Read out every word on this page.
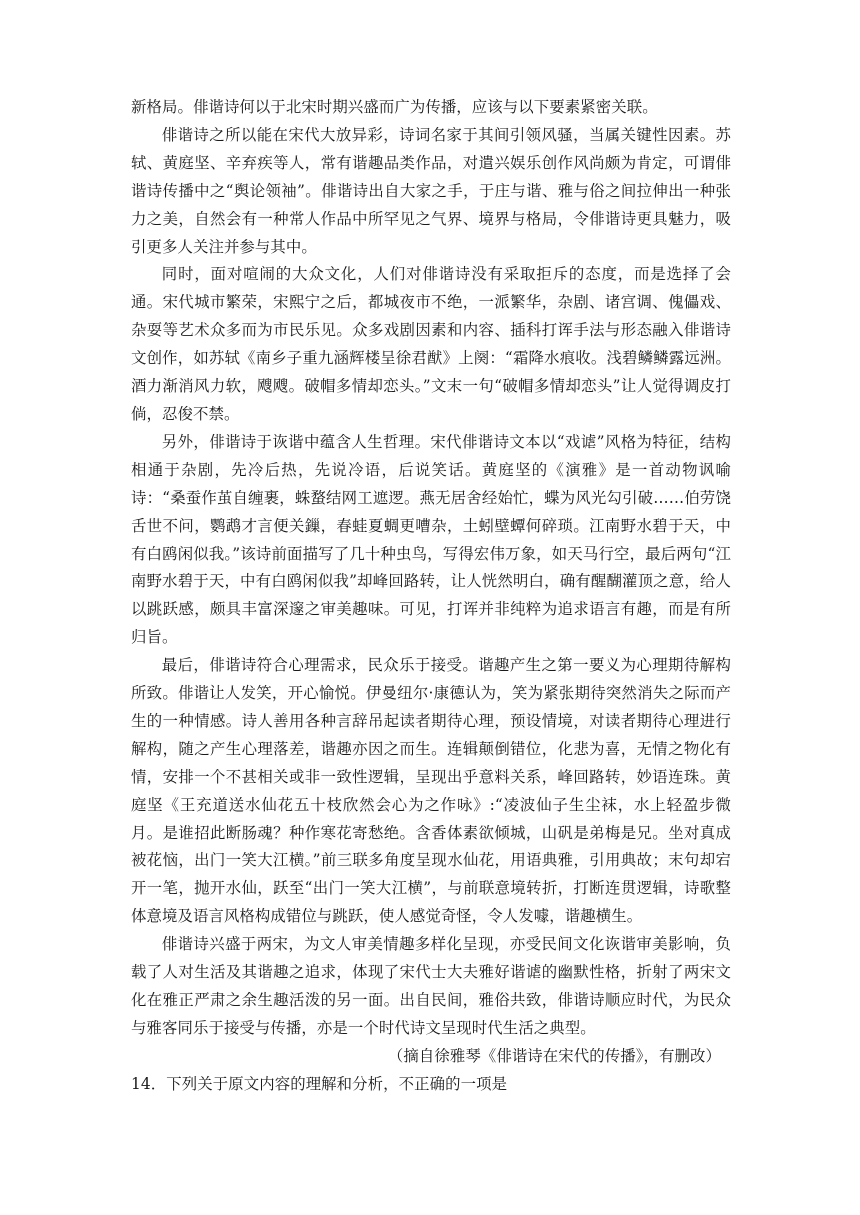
新格局。俳谐诗何以于北宋时期兴盛而广为传播，应该与以下要素紧密关联。

俳谐诗之所以能在宋代大放异彩，诗词名家于其间引领风骚，当属关键性因素。苏轼、黄庭坚、辛弃疾等人，常有谐趣品类作品，对遣兴娱乐创作风尚颇为肯定，可谓俳谐诗传播中之“舆论领袖”。俳谐诗出自大家之手，于庄与谐、雅与俗之间拉伸出一种张力之美，自然会有一种常人作品中所罕见之气界、境界与格局，令俳谐诗更具魅力，吸引更多人关注并参与其中。

同时，面对喧闹的大众文化，人们对俳谐诗没有采取拒斥的态度，而是选择了会通。宋代城市繁荣，宋熙宁之后，都城夜市不绝，一派繁华，杂剧、诸宫调、傀儡戏、杂耍等艺术众多而为市民乐见。众多戏剧因素和内容、插科打诨手法与形态融入俳谐诗文创作，如苏轼《南乡子重九涵辉楼呈徐君猷》上阕：“霜降水痕收。浅碧鳞鳞露远洲。酒力渐消风力软，飕飕。破帽多情却恋头。”文末一句“破帽多情却恋头”让人觉得调皮打倘，忍俊不禁。

另外，俳谐诗于诙谐中蕴含人生哲理。宋代俳谐诗文本以“戏谑”风格为特征，结构相通于杂剧，先冷后热，先说冷语，后说笑话。黄庭坚的《演雅》是一首动物讽喻诗：“桑蚕作茧自缠裹，蛛蝥结网工遮逻。燕无居舍经始忙，蝶为风光勾引破……伯劳饶舌世不问，鹦鹉才言便关鏁，春蛙夏蜩更嘈杂，土蚓壁蟫何碎琐。江南野水碧于天，中有白鸥闲似我。”该诗前面描写了几十种虫鸟，写得宏伟万象，如天马行空，最后两句“江南野水碧于天，中有白鸥闲似我”却峰回路转，让人恍然明白，确有醒醐灌顶之意，给人以跳跃感，颇具丰富深邃之审美趣味。可见，打诨并非纯粹为追求语言有趣，而是有所归旨。

最后，俳谐诗符合心理需求，民众乐于接受。谐趣产生之第一要义为心理期待解构所致。俳谐让人发笑，开心愉悦。伊曼纽尔·康德认为，笑为紧张期待突然消失之际而产生的一种情感。诗人善用各种言辞吊起读者期待心理，预设情境，对读者期待心理进行解构，随之产生心理落差，谐趣亦因之而生。连辑颠倒错位，化悲为喜，无情之物化有情，安排一个不甚相关或非一致性逻辑，呈现出乎意料关系，峰回路转，妙语连珠。黄庭坚《王充道送水仙花五十枝欣然会心为之作咏》:“凌波仙子生尘袜，水上轻盈步微月。是谁招此断肠魂？种作寒花寄愁绝。含香体素欲倾城，山矾是弟梅是兄。坐对真成被花恼，出门一笑大江横。”前三联多角度呈现水仙花，用语典雅，引用典故；末句却宕开一笔，抛开水仙，跃至“出门一笑大江横”，与前联意境转折，打断连贯逻辑，诗歌整体意境及语言风格构成错位与跳跃，使人感觉奇怪，令人发噱，谐趣横生。

俳谐诗兴盛于两宋，为文人审美情趣多样化呈现，亦受民间文化诙谐审美影响，负载了人对生活及其谐趣之追求，体现了宋代士大夫雅好谐谑的幽默性格，折射了两宋文化在雅正严肃之余生趣活泼的另一面。出自民间，雅俗共致，俳谐诗顺应时代，为民众与雅客同乐于接受与传播，亦是一个时代诗文呈现时代生活之典型。

（摘自徐雅琴《俳谐诗在宋代的传播》，有删改）

14．下列关于原文内容的理解和分析，不正确的一项是
